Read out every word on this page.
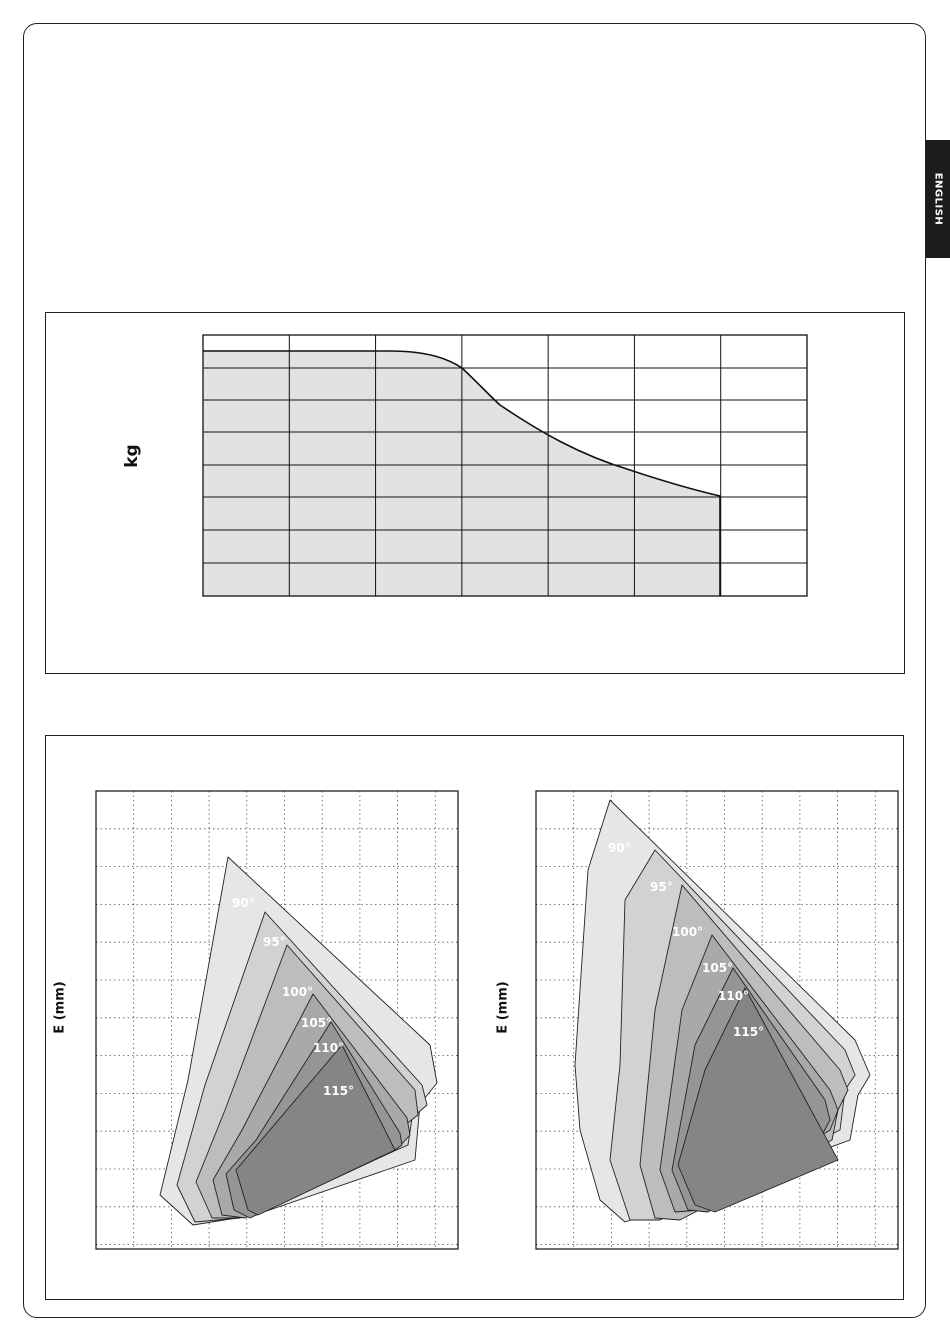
ENGLISH
kg
E (mm)	E (mm)
90°
95°
100°
105°
110°
115°
90°
95°
100°
105°
110°
115°
